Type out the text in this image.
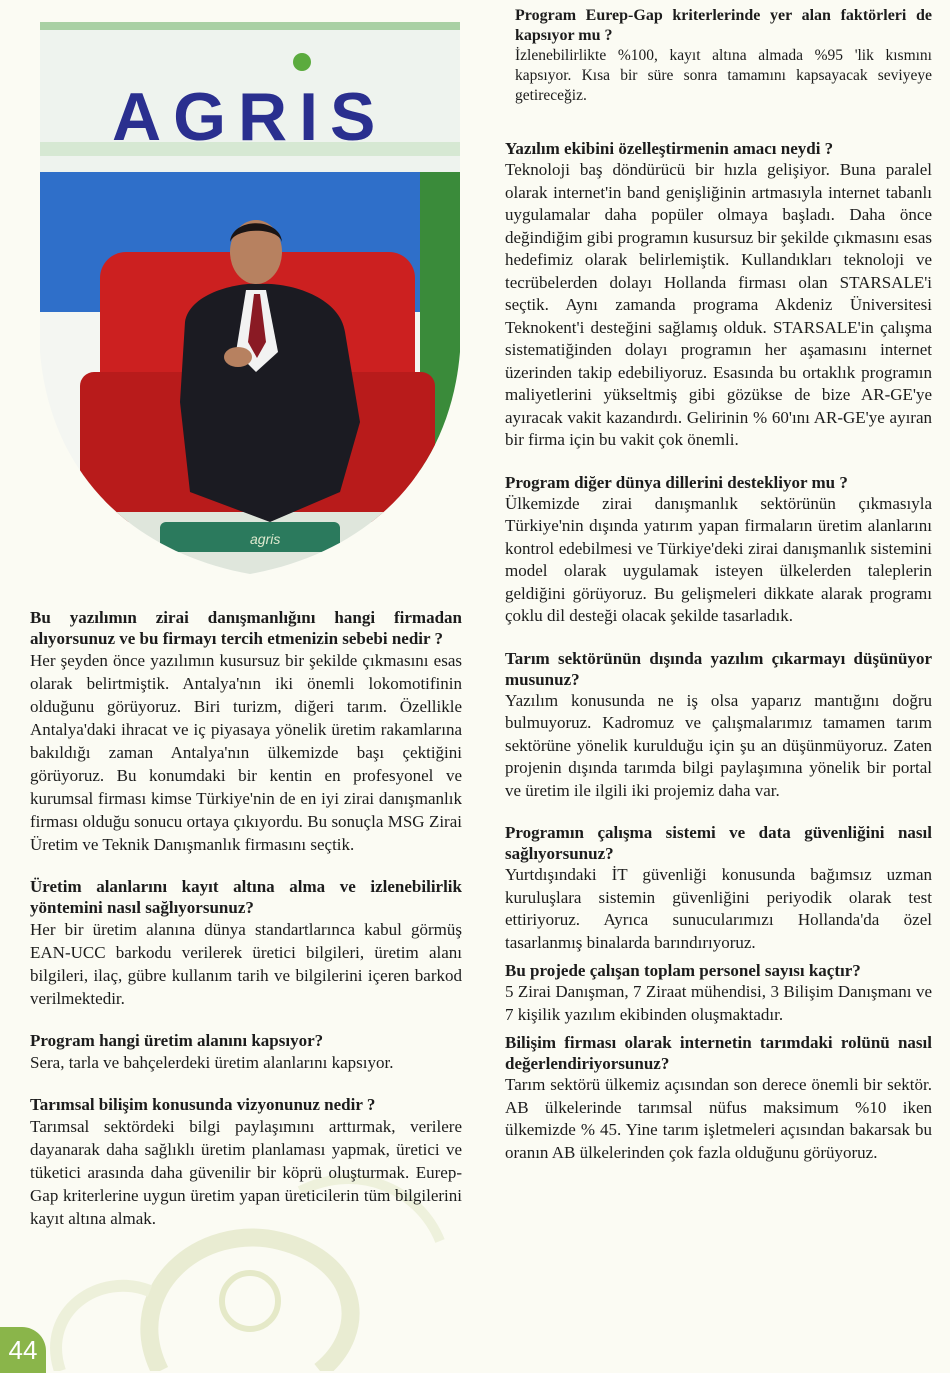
AGRIS
agris

Bu yazılımın zirai danışmanlığını hangi firmadan alıyorsunuz ve bu firmayı tercih etmenizin sebebi nedir ?

Her şeyden önce yazılımın kusursuz bir şekilde çıkmasını esas olarak belirtmiştik. Antalya'nın iki önemli lokomotifinin olduğunu görüyoruz. Biri turizm, diğeri tarım. Özellikle Antalya'daki ihracat ve iç piyasaya yönelik üretim rakamlarına bakıldığı zaman Antalya'nın ülkemizde başı çektiğini görüyoruz. Bu konumdaki bir kentin en profesyonel ve kurumsal firması kimse Türkiye'nin de en iyi zirai danışmanlık firması olduğu sonucu ortaya çıkıyordu. Bu sonuçla MSG Zirai Üretim ve Teknik Danışmanlık firmasını seçtik.

Üretim alanlarını kayıt altına alma ve izlenebilirlik yöntemini nasıl sağlıyorsunuz?

Her bir üretim alanına dünya standartlarınca kabul görmüş EAN-UCC barkodu verilerek üretici bilgileri, üretim alanı bilgileri, ilaç, gübre kullanım tarih ve bilgilerini içeren barkod verilmektedir.

Program hangi üretim alanını kapsıyor?

Sera, tarla ve bahçelerdeki üretim alanlarını kapsıyor.

Tarımsal bilişim konusunda vizyonunuz nedir ?

Tarımsal sektördeki bilgi paylaşımını arttırmak, verilere dayanarak daha sağlıklı üretim planlaması yapmak, üretici ve tüketici arasında daha güvenilir bir köprü oluşturmak. Eurep-Gap kriterlerine uygun üretim yapan üreticilerin tüm bilgilerini kayıt altına almak.

Program Eurep-Gap kriterlerinde yer alan faktörleri de kapsıyor mu ?

İzlenebilirlikte %100, kayıt altına almada %95 'lik kısmını kapsıyor. Kısa bir süre sonra tamamını kapsayacak seviyeye getireceğiz.

Yazılım ekibini özelleştirmenin amacı neydi ?

Teknoloji baş döndürücü bir hızla gelişiyor. Buna paralel olarak internet'in band genişliğinin artmasıyla internet tabanlı uygulamalar daha popüler olmaya başladı. Daha önce değindiğim gibi programın kusursuz bir şekilde çıkmasını esas hedefimiz olarak belirlemiştik. Kullandıkları teknoloji ve tecrübelerden dolayı Hollanda firması olan STARSALE'i seçtik. Aynı zamanda programa Akdeniz Üniversitesi Teknokent'i desteğini sağlamış olduk. STARSALE'in çalışma sistematiğinden dolayı programın her aşamasını internet üzerinden takip edebiliyoruz. Esasında bu ortaklık programın maliyetlerini yükseltmiş gibi gözükse de bize AR-GE'ye ayıracak vakit kazandırdı. Gelirinin % 60'ını AR-GE'ye ayıran bir firma için bu vakit çok önemli.

Program diğer dünya dillerini destekliyor mu ?

Ülkemizde zirai danışmanlık sektörünün çıkmasıyla Türkiye'nin dışında yatırım yapan firmaların üretim alanlarını kontrol edebilmesi ve Türkiye'deki zirai danışmanlık sistemini model olarak uygulamak isteyen ülkelerden taleplerin geldiğini görüyoruz. Bu gelişmeleri dikkate alarak programı çoklu dil desteği olacak şekilde tasarladık.

Tarım sektörünün dışında yazılım çıkarmayı düşünüyor musunuz?

Yazılım konusunda ne iş olsa yaparız mantığını doğru bulmuyoruz. Kadromuz ve çalışmalarımız tamamen tarım sektörüne yönelik kurulduğu için şu an düşünmüyoruz. Zaten projenin dışında tarımda bilgi paylaşımına yönelik bir portal ve üretim ile ilgili iki projemiz daha var.

Programın çalışma sistemi ve data güvenliğini nasıl sağlıyorsunuz?

Yurtdışındaki İT güvenliği konusunda bağımsız uzman kuruluşlara sistemin güvenliğini periyodik olarak test ettiriyoruz. Ayrıca sunucularımızı Hollanda'da özel tasarlanmış binalarda barındırıyoruz.

Bu projede çalışan toplam personel sayısı kaçtır?

5 Zirai Danışman, 7 Ziraat mühendisi, 3 Bilişim Danışmanı ve 7 kişilik yazılım ekibinden oluşmaktadır.

Bilişim firması olarak internetin tarımdaki rolünü nasıl değerlendiriyorsunuz?

Tarım sektörü ülkemiz açısından son derece önemli bir sektör. AB ülkelerinde tarımsal nüfus maksimum %10 iken ülkemizde % 45. Yine tarım işletmeleri açısından bakarsak bu oranın AB ülkelerinden çok fazla olduğunu görüyoruz.

44
